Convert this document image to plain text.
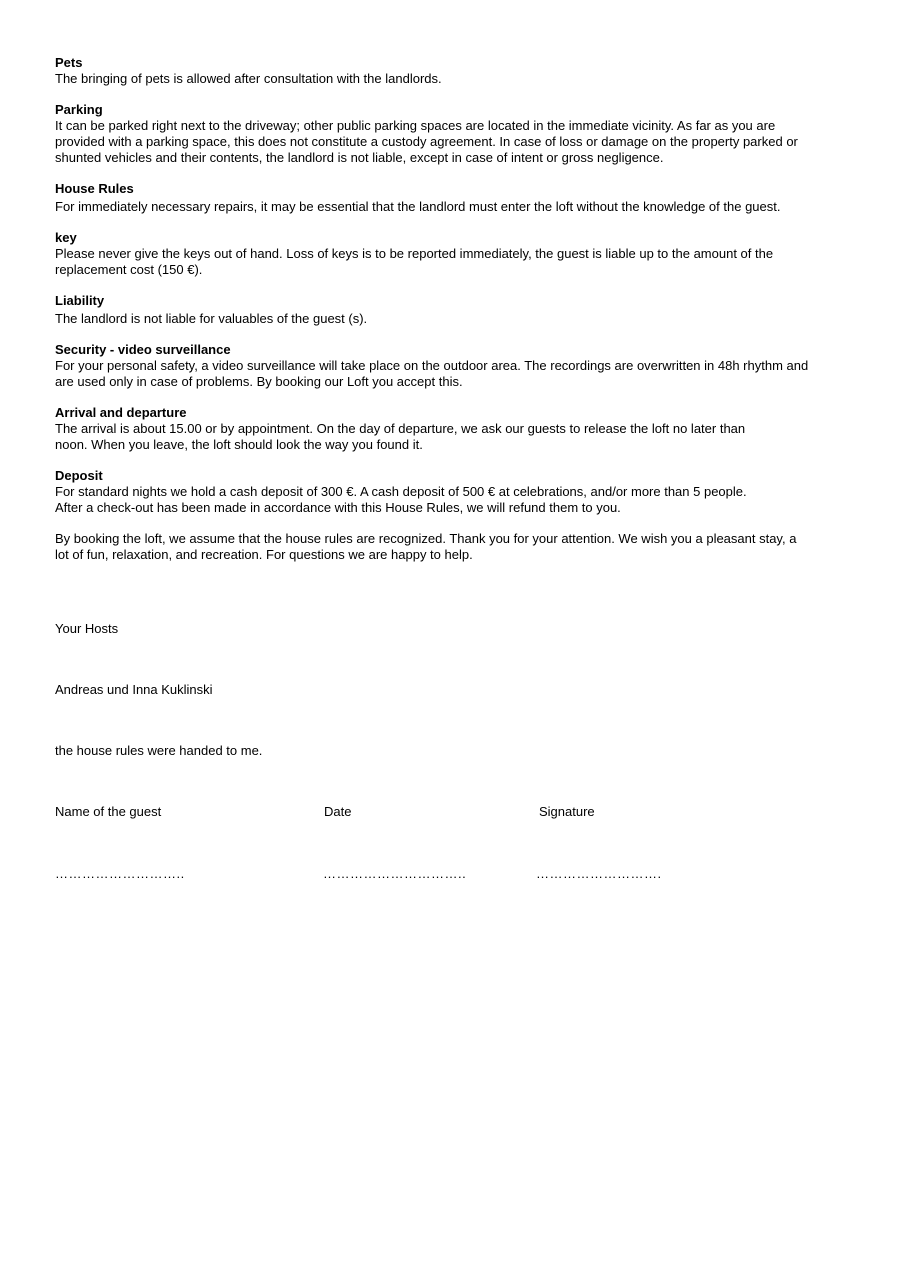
Pets
The bringing of pets is allowed after consultation with the landlords.
Parking
It can be parked right next to the driveway; other public parking spaces are located in the immediate vicinity. As far as you are
provided with a parking space, this does not constitute a custody agreement. In case of loss or damage on the property parked or
shunted vehicles and their contents, the landlord is not liable, except in case of intent or gross negligence.
House Rules
For immediately necessary repairs, it may be essential that the landlord must enter the loft without the knowledge of the guest.
key
Please never give the keys out of hand. Loss of keys is to be reported immediately, the guest is liable up to the amount of the
replacement cost (150 €).
Liability
The landlord is not liable for valuables of the guest (s).
Security - video surveillance
For your personal safety, a video surveillance will take place on the outdoor area. The recordings are overwritten in 48h rhythm and
are used only in case of problems. By booking our Loft you accept this.
Arrival and departure
The arrival is about 15.00 or by appointment. On the day of departure, we ask our guests to release the loft no later than
noon. When you leave, the loft should look the way you found it.
Deposit
For standard nights we hold a cash deposit of 300 €. A cash deposit of 500 € at celebrations, and/or more than 5 people.
After a check-out has been made in accordance with this House Rules, we will refund them to you.
By booking the loft, we assume that the house rules are recognized. Thank you for your attention. We wish you a pleasant stay, a
lot of fun, relaxation, and recreation. For questions we are happy to help.
Your Hosts
Andreas und Inna Kuklinski
the house rules were handed to me.
Name of the guest	Date	Signature
………………………..	…………………………..	……………………….
